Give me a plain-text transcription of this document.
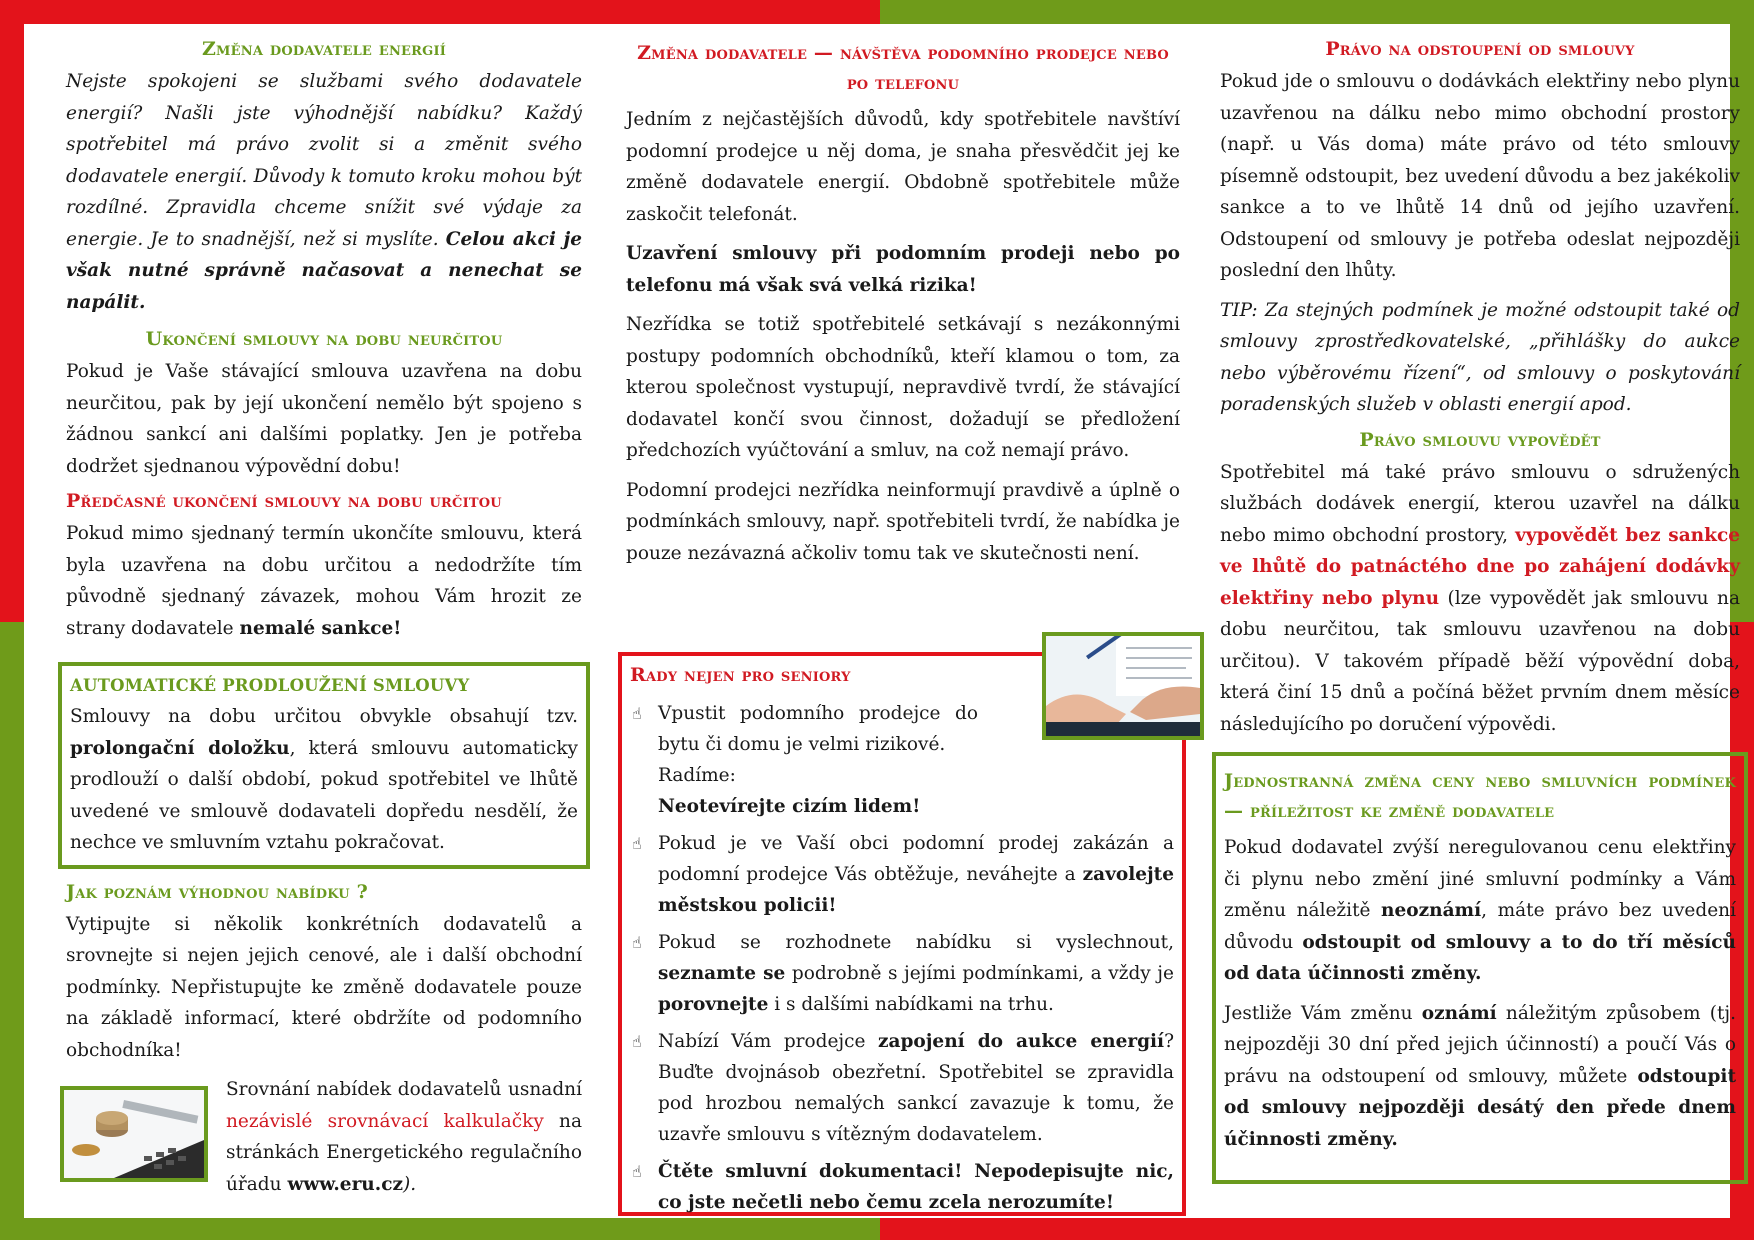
Změna dodavatele energií

Nejste spokojeni se službami svého dodavatele energií? Našli jste výhodnější nabídku? Každý spotřebitel má právo zvolit si a změnit svého dodavatele energií. Důvody k tomuto kroku mohou být rozdílné. Zpravidla chceme snížit své výdaje za energie. Je to snadnější, než si myslíte. Celou akci je však nutné správně načasovat a nenechat se napálit.

Ukončení smlouvy na dobu neurčitou

Pokud je Vaše stávající smlouva uzavřena na dobu neurčitou, pak by její ukončení nemělo být spojeno s žádnou sankcí ani dalšími poplatky. Jen je potřeba dodržet sjednanou výpovědní dobu!

Předčasné ukončení smlouvy na dobu určitou

Pokud mimo sjednaný termín ukončíte smlouvu, která byla uzavřena na dobu určitou a nedodržíte tím původně sjednaný závazek, mohou Vám hrozit ze strany dodavatele nemalé sankce!

AUTOMATICKÉ PRODLOUŽENÍ SMLOUVY

Smlouvy na dobu určitou obvykle obsahují tzv. prolongační doložku, která smlouvu automaticky prodlouží o další období, pokud spotřebitel ve lhůtě uvedené ve smlouvě dodavateli dopředu nesdělí, že nechce ve smluvním vztahu pokračovat.

Jak poznám výhodnou nabídku ?

Vytipujte si několik konkrétních dodavatelů a srovnejte si nejen jejich cenové, ale i další obchodní podmínky. Nepřistupujte ke změně dodavatele pouze na základě informací, které obdržíte od podomního obchodníka!

Srovnání nabídek dodavatelů usnadní nezávislé srovnávací kalkulačky na stránkách Energetického regulačního úřadu www.eru.cz).

Změna dodavatele — návštěva podomního prodejce nebo po telefonu

Jedním z nejčastějších důvodů, kdy spotřebitele navštíví podomní prodejce u něj doma, je snaha přesvědčit jej ke změně dodavatele energií. Obdobně spotřebitele může zaskočit telefonát.

Uzavření smlouvy při podomním prodeji nebo po telefonu má však svá velká rizika!

Nezřídka se totiž spotřebitelé setkávají s nezákonnými postupy podomních obchodníků, kteří klamou o tom, za kterou společnost vystupují, nepravdivě tvrdí, že stávající dodavatel končí svou činnost, dožadují se předložení předchozích vyúčtování a smluv, na což nemají právo.

Podomní prodejci nezřídka neinformují pravdivě a úplně o podmínkách smlouvy, např. spotřebiteli tvrdí, že nabídka je pouze nezávazná ačkoliv tomu tak ve skutečnosti není.

Rady nejen pro seniory
☝ Vpustit podomního prodejce do bytu či domu je velmi rizikové.
Radíme: Neotevírejte cizím lidem!
☝ Pokud je ve Vaší obci podomní prodej zakázán a podomní prodejce Vás obtěžuje, neváhejte a zavolejte městskou policii!
☝ Pokud se rozhodnete nabídku si vyslechnout, seznamte se podrobně s jejími podmínkami, a vždy je porovnejte i s dalšími nabídkami na trhu.
☝ Nabízí Vám prodejce zapojení do aukce energií? Buďte dvojnásob obezřetní. Spotřebitel se zpravidla pod hrozbou nemalých sankcí zavazuje k tomu, že uzavře smlouvu s vítězným dodavatelem.
☝ Čtěte smluvní dokumentaci! Nepodepisujte nic, co jste nečetli nebo čemu zcela nerozumíte!
Právo na odstoupení od smlouvy

Pokud jde o smlouvu o dodávkách elektřiny nebo plynu uzavřenou na dálku nebo mimo obchodní prostory (např. u Vás doma) máte právo od této smlouvy písemně odstoupit, bez uvedení důvodu a bez jakékoliv sankce a to ve lhůtě 14 dnů od jejího uzavření. Odstoupení od smlouvy je potřeba odeslat nejpozději poslední den lhůty.

TIP: Za stejných podmínek je možné odstoupit také od smlouvy zprostředkovatelské, „přihlášky do aukce nebo výběrovému řízení“, od smlouvy o poskytování poradenských služeb v oblasti energií apod.

Právo smlouvu vypovědět

Spotřebitel má také právo smlouvu o sdružených službách dodávek energií, kterou uzavřel na dálku nebo mimo obchodní prostory, vypovědět bez sankce ve lhůtě do patnáctého dne po zahájení dodávky elektřiny nebo plynu (lze vypovědět jak smlouvu na dobu neurčitou, tak smlouvu uzavřenou na dobu určitou). V takovém případě běží výpovědní doba, která činí 15 dnů a počíná běžet prvním dnem měsíce následujícího po doručení výpovědi.

Jednostranná změna ceny nebo smluvních podmínek — příležitost ke změně dodavatele

Pokud dodavatel zvýší neregulovanou cenu elektřiny či plynu nebo změní jiné smluvní podmínky a Vám změnu náležitě neoznámí, máte právo bez uvedení důvodu odstoupit od smlouvy a to do tří měsíců od data účinnosti změny.

Jestliže Vám změnu oznámí náležitým způsobem (tj. nejpozději 30 dní před jejich účinností) a poučí Vás o právu na odstoupení od smlouvy, můžete odstoupit od smlouvy nejpozději desátý den přede dnem účinnosti změny.
